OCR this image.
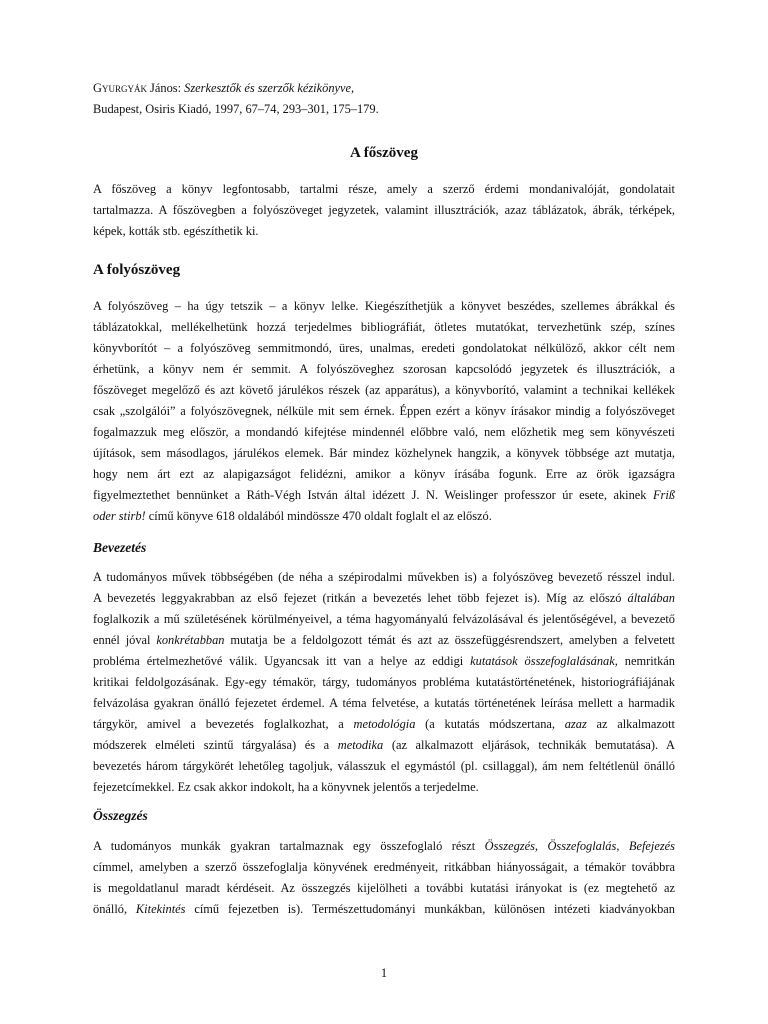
Gyurgyák János: Szerkesztők és szerzők kézikönyve,
Budapest, Osiris Kiadó, 1997, 67–74, 293–301, 175–179.
A főszöveg
A főszöveg a könyv legfontosabb, tartalmi része, amely a szerző érdemi mondanivalóját, gondolatait
tartalmazza. A főszövegben a folyószöveget jegyzetek, valamint illusztrációk, azaz táblázatok, ábrák, térképek,
képek, kották stb. egészíthetik ki.
A folyószöveg
A folyószöveg – ha úgy tetszik – a könyv lelke. Kiegészíthetjük a könyvet beszédes, szellemes ábrákkal és
táblázatokkal, mellékelhetünk hozzá terjedelmes bibliográfiát, ötletes mutatókat, tervezhetünk szép, színes
könyvborítót – a folyószöveg semmitmondó, üres, unalmas, eredeti gondolatokat nélkülöző, akkor célt nem
érhetünk, a könyv nem ér semmit. A folyószöveghez szorosan kapcsolódó jegyzetek és illusztrációk, a
főszöveget megelőző és azt követő járulékos részek (az apparátus), a könyvborító, valamint a technikai kellékek
csak „szolgálói” a folyószövegnek, nélküle mit sem érnek. Éppen ezért a könyv írásakor mindig a folyószöveget
fogalmazzuk meg először, a mondandó kifejtése mindennél előbbre való, nem előzhetik meg sem könyvészeti
újítások, sem másodlagos, járulékos elemek. Bár mindez közhelynek hangzik, a könyvek többsége azt mutatja,
hogy nem árt ezt az alapigazságot felidézni, amikor a könyv írásába fogunk. Erre az örök igazságra
figyelmeztethet bennünket a Ráth-Végh István által idézett J. N. Weislinger professzor úr esete, akinek Friß
oder stirb! című könyve 618 oldalából mindössze 470 oldalt foglalt el az előszó.
Bevezetés
A tudományos művek többségében (de néha a szépirodalmi művekben is) a folyószöveg bevezető résszel indul.
A bevezetés leggyakrabban az első fejezet (ritkán a bevezetés lehet több fejezet is). Míg az előszó általában
foglalkozik a mű születésének körülményeivel, a téma hagyományalú felvázolásával és jelentőségével, a bevezető
ennél jóval konkrétabban mutatja be a feldolgozott témát és azt az összefüggésrendszert, amelyben a felvetett
probléma értelmezhetővé válik. Ugyancsak itt van a helye az eddigi kutatások összefoglalásának, nemritkán
kritikai feldolgozásának. Egy-egy témakör, tárgy, tudományos probléma kutatástörténetének, historiográfiájának
felvázolása gyakran önálló fejezetet érdemel. A téma felvetése, a kutatás történetének leírása mellett a harmadik
tárgykör, amivel a bevezetés foglalkozhat, a metodológia (a kutatás módszertana, azaz az alkalmazott
módszerek elméleti szintű tárgyalása) és a metodika (az alkalmazott eljárások, technikák bemutatása). A
bevezetés három tárgykörét lehetőleg tagoljuk, válasszuk el egymástól (pl. csillaggal), ám nem feltétlenül önálló
fejezetcímekkel. Ez csak akkor indokolt, ha a könyvnek jelentős a terjedelme.
Összegzés
A tudományos munkák gyakran tartalmaznak egy összefoglaló részt Összegzés, Összefoglalás, Befejezés
címmel, amelyben a szerző összefoglalja könyvének eredményeit, ritkábban hiányosságait, a témakör továbbra
is megoldatlanul maradt kérdéseit. Az összegzés kijelölheti a további kutatási irányokat is (ez megtehető az
önálló, Kitekintés című fejezetben is). Természettudományi munkákban, különösen intézeti kiadványokban
1
